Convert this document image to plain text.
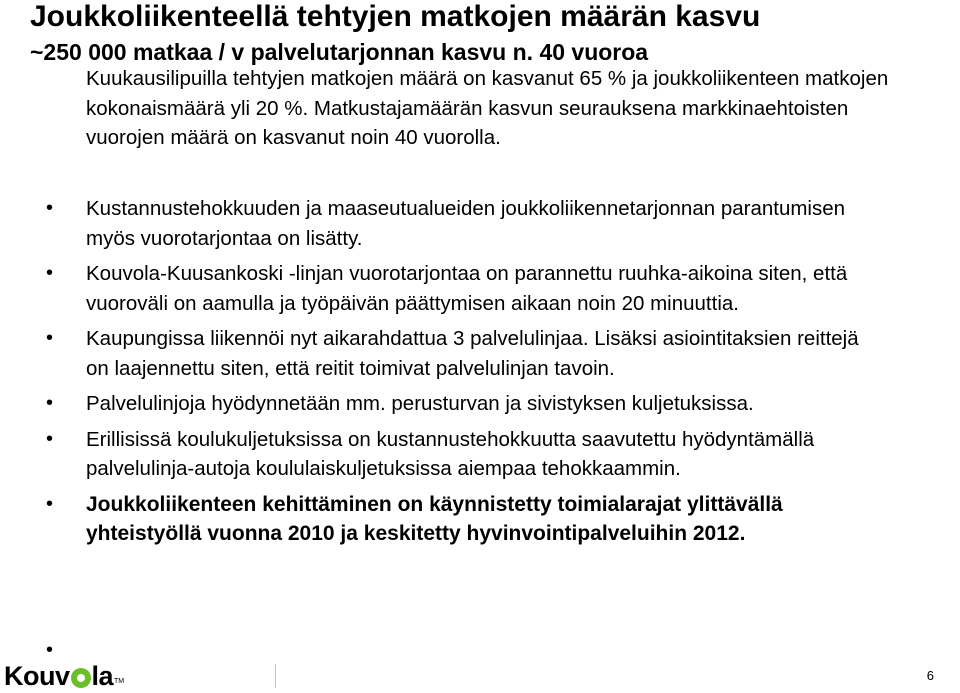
Joukkoliikenteellä tehtyjen matkojen määrän kasvu
~250 000 matkaa / v palvelutarjonnan kasvu n. 40 vuoroa
Kuukausilipuilla tehtyjen matkojen määrä on kasvanut 65 % ja joukkoliikenteen matkojen kokonaismäärä yli 20 %. Matkustajamäärän kasvun seurauksena markkinaehtoisten vuorojen määrä on kasvanut noin 40 vuorolla.
• Kustannustehokkuuden ja maaseutualueiden joukkoliikennetarjonnan parantumisen myös vuorotarjontaa on lisätty.
• Kouvola-Kuusankoski -linjan vuorotarjontaa on parannettu ruuhka-aikoina siten, että vuoroväli on aamulla ja työpäivän päättymisen aikaan noin 20 minuuttia.
• Kaupungissa liikennöi nyt aikarahdattua 3 palvelulinjaa. Lisäksi asiointitaksien reittejä on laajennettu siten, että reitit toimivat palvelulinjan tavoin.
• Palvelulinjoja hyödynnetään mm. perusturvan ja sivistyksen kuljetuksissa.
• Erillisissä koulukuljetuksissa on kustannustehokkuutta saavutettu hyödyntämällä palvelulinja-autoja koululaiskuljetuksissa aiempaa tehokkaammin.
• Joukkoliikenteen kehittäminen on käynnistetty toimialarajat ylittävällä yhteistyöllä vuonna 2010 ja keskitetty hyvinvointipalveluihin 2012.
•
Kouv la TM	6
